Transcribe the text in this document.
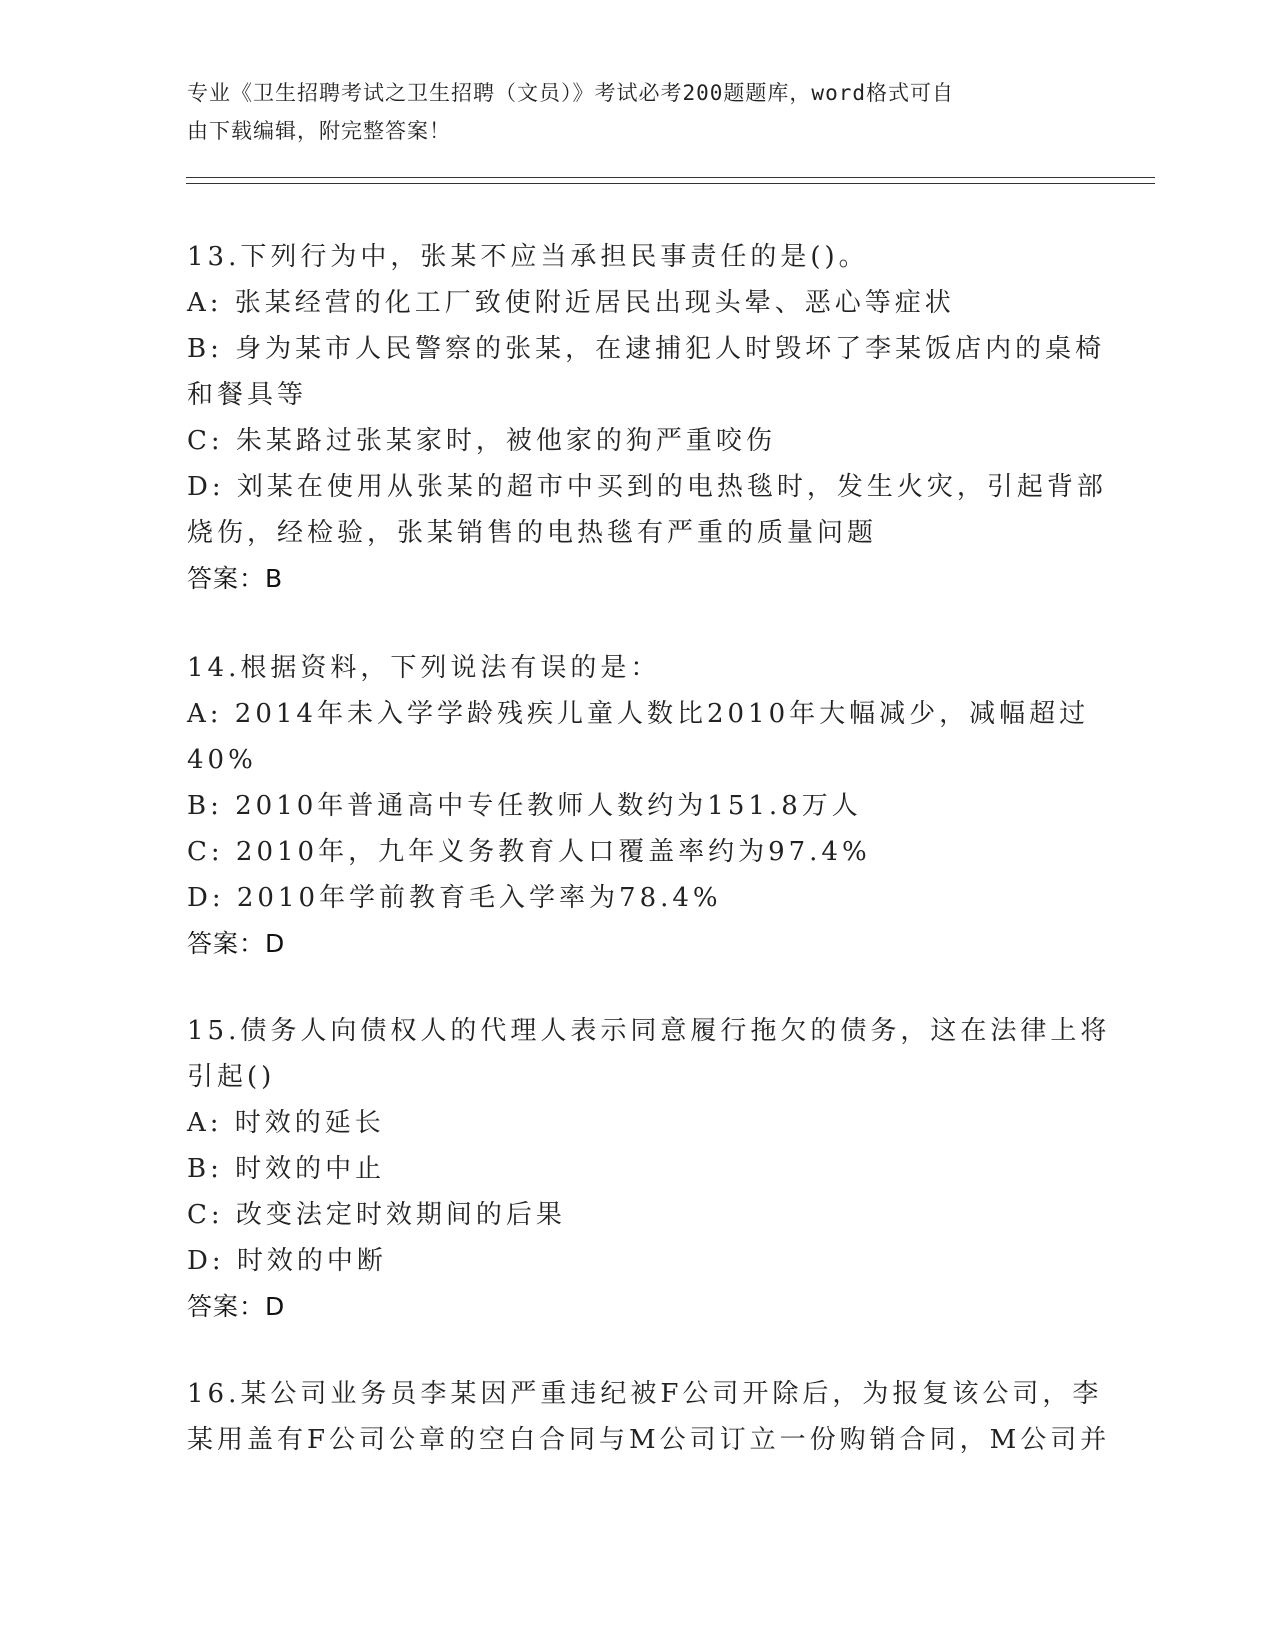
专业《卫生招聘考试之卫生招聘（文员）》考试必考200题题库，word格式可自
由下载编辑，附完整答案！
13.下列行为中，张某不应当承担民事责任的是()。
A: 张某经营的化工厂致使附近居民出现头晕、恶心等症状
B: 身为某市人民警察的张某，在逮捕犯人时毁坏了李某饭店内的桌椅
和餐具等
C: 朱某路过张某家时，被他家的狗严重咬伤
D: 刘某在使用从张某的超市中买到的电热毯时，发生火灾，引起背部
烧伤，经检验，张某销售的电热毯有严重的质量问题
答案：B
14.根据资料，下列说法有误的是：
A: 2014年未入学学龄残疾儿童人数比2010年大幅减少，减幅超过
40%
B: 2010年普通高中专任教师人数约为151.8万人
C: 2010年，九年义务教育人口覆盖率约为97.4%
D: 2010年学前教育毛入学率为78.4%
答案：D
15.债务人向债权人的代理人表示同意履行拖欠的债务，这在法律上将
引起()
A: 时效的延长
B: 时效的中止
C: 改变法定时效期间的后果
D: 时效的中断
答案：D
16.某公司业务员李某因严重违纪被F公司开除后，为报复该公司，李
某用盖有F公司公章的空白合同与M公司订立一份购销合同，M公司并
